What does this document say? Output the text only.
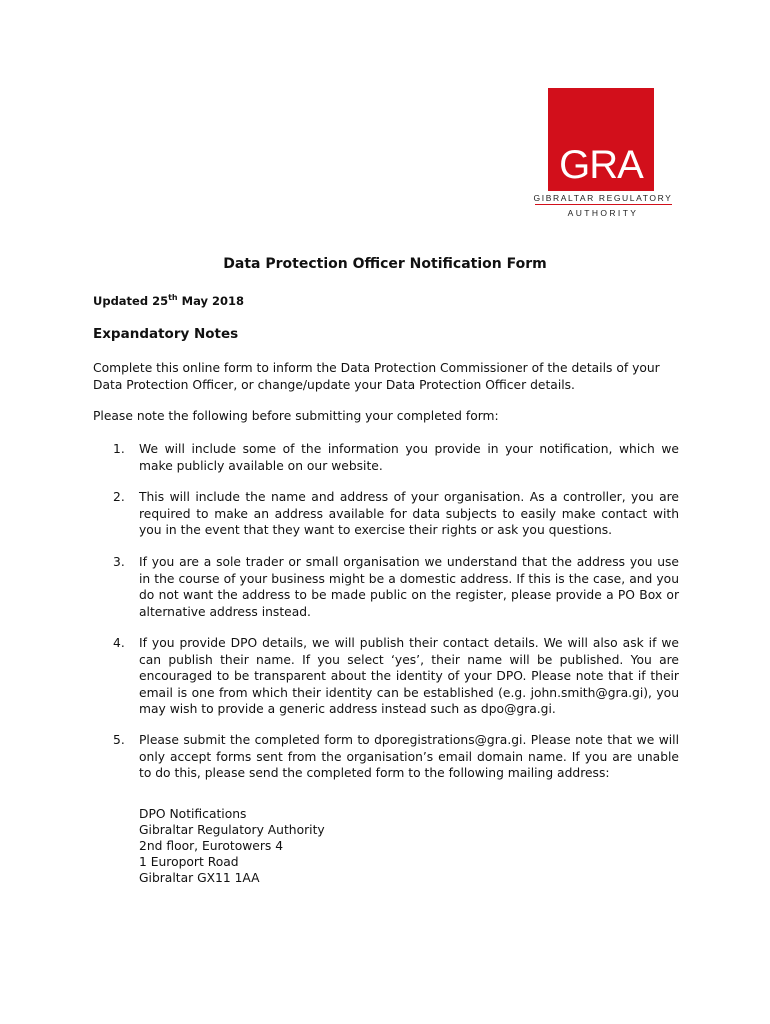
GRA
GIBRALTAR REGULATORY
AUTHORITY
Data Protection Officer Notification Form
Updated 25th May 2018
Expandatory Notes

Complete this online form to inform the Data Protection Commissioner of the details of your Data Protection Officer, or change/update your Data Protection Officer details.

Please note the following before submitting your completed form:

1.	We will include some of the information you provide in your notification, which we make publicly available on our website.
2.	This will include the name and address of your organisation. As a controller, you are required to make an address available for data subjects to easily make contact with you in the event that they want to exercise their rights or ask you questions.
3.	If you are a sole trader or small organisation we understand that the address you use in the course of your business might be a domestic address. If this is the case, and you do not want the address to be made public on the register, please provide a PO Box or alternative address instead.
4.	If you provide DPO details, we will publish their contact details. We will also ask if we can publish their name. If you select ‘yes’, their name will be published. You are encouraged to be transparent about the identity of your DPO. Please note that if their email is one from which their identity can be established (e.g. john.smith@gra.gi), you may wish to provide a generic address instead such as dpo@gra.gi.
5.	Please submit the completed form to dporegistrations@gra.gi. Please note that we will only accept forms sent from the organisation’s email domain name. If you are unable to do this, please send the completed form to the following mailing address:
DPO Notifications
Gibraltar Regulatory Authority
2nd floor, Eurotowers 4
1 Europort Road
Gibraltar GX11 1AA
